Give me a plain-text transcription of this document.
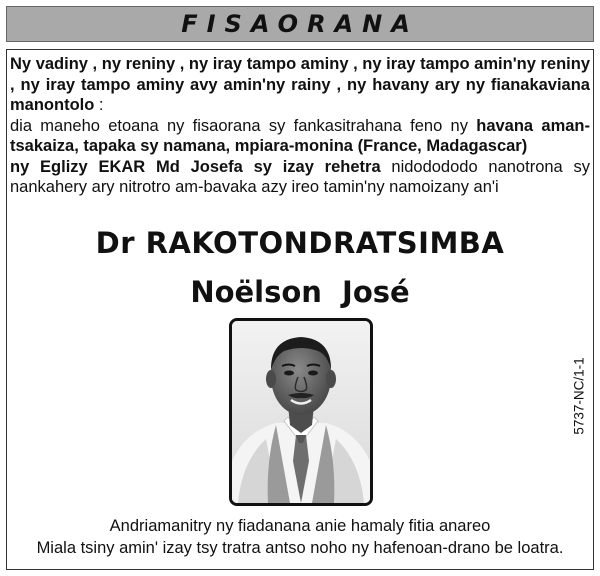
FISAORANA

Ny vadiny , ny reniny , ny iray tampo aminy , ny iray tampo amin'ny reniny , ny iray tampo aminy avy amin'ny rainy , ny havany ary ny fianakaviana manontolo :

dia maneho etoana ny fisaorana sy fankasitrahana feno ny havana aman-tsakaiza, tapaka sy namana, mpiara-monina (France, Madagascar)

ny Eglizy EKAR Md Josefa sy izay rehetra nidodododo nanotrona sy nankahery ary nitrotro am-bavaka azy ireo tamin'ny namoizany an'i

Dr RAKOTONDRATSIMBA
Noëlson José
5737-NC/1-1

Andriamanitry ny fiadanana anie hamaly fitia anareo

Miala tsiny amin' izay tsy tratra antso noho ny hafenoan-drano be loatra.
